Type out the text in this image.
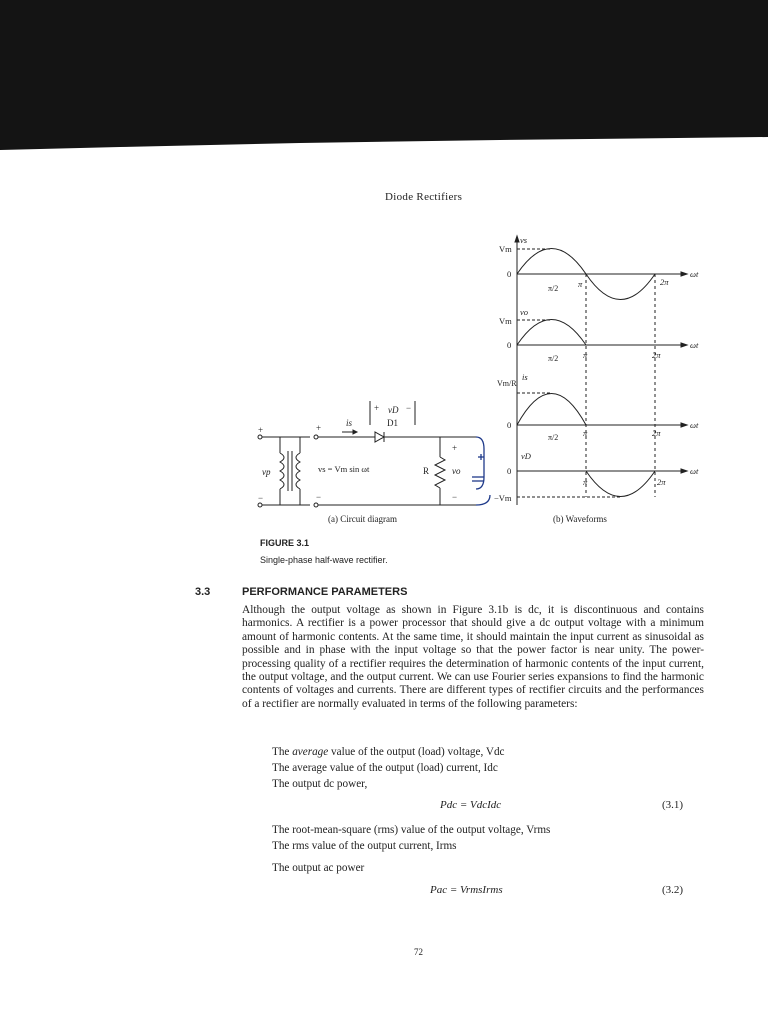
Diode Rectifiers
+
−
vp
+
−
vs = Vm sin ωt
is
+ vD −
D1
R
+
vo
−
(a) Circuit diagram	(b) Waveforms
vs
Vm
0
π/2 π	2π
ωt
vo
Vm
0
π/2	π	2π
ωt
Vm/R
is
0
π/2	π	2π
ωt
vD
0
π	2π
ωt
−Vm
FIGURE 3.1
Single-phase half-wave rectifier.
3.3	PERFORMANCE PARAMETERS
Although the output voltage as shown in Figure 3.1b is dc, it is discontinuous and contains harmonics. A rectifier is a power processor that should give a dc output voltage with a minimum amount of harmonic contents. At the same time, it should maintain the input current as sinusoidal as possible and in phase with the input voltage so that the power factor is near unity. The power-processing quality of a rectifier requires the determination of harmonic contents of the input current, the output voltage, and the output current. We can use Fourier series expansions to find the harmonic contents of voltages and currents. There are different types of rectifier circuits and the performances of a rectifier are normally evaluated in terms of the following parameters:
The average value of the output (load) voltage, Vdc
The average value of the output (load) current, Idc
The output dc power,
Pdc = VdcIdc	(3.1)
The root-mean-square (rms) value of the output voltage, Vrms
The rms value of the output current, Irms
The output ac power
Pac = VrmsIrms	(3.2)
72
